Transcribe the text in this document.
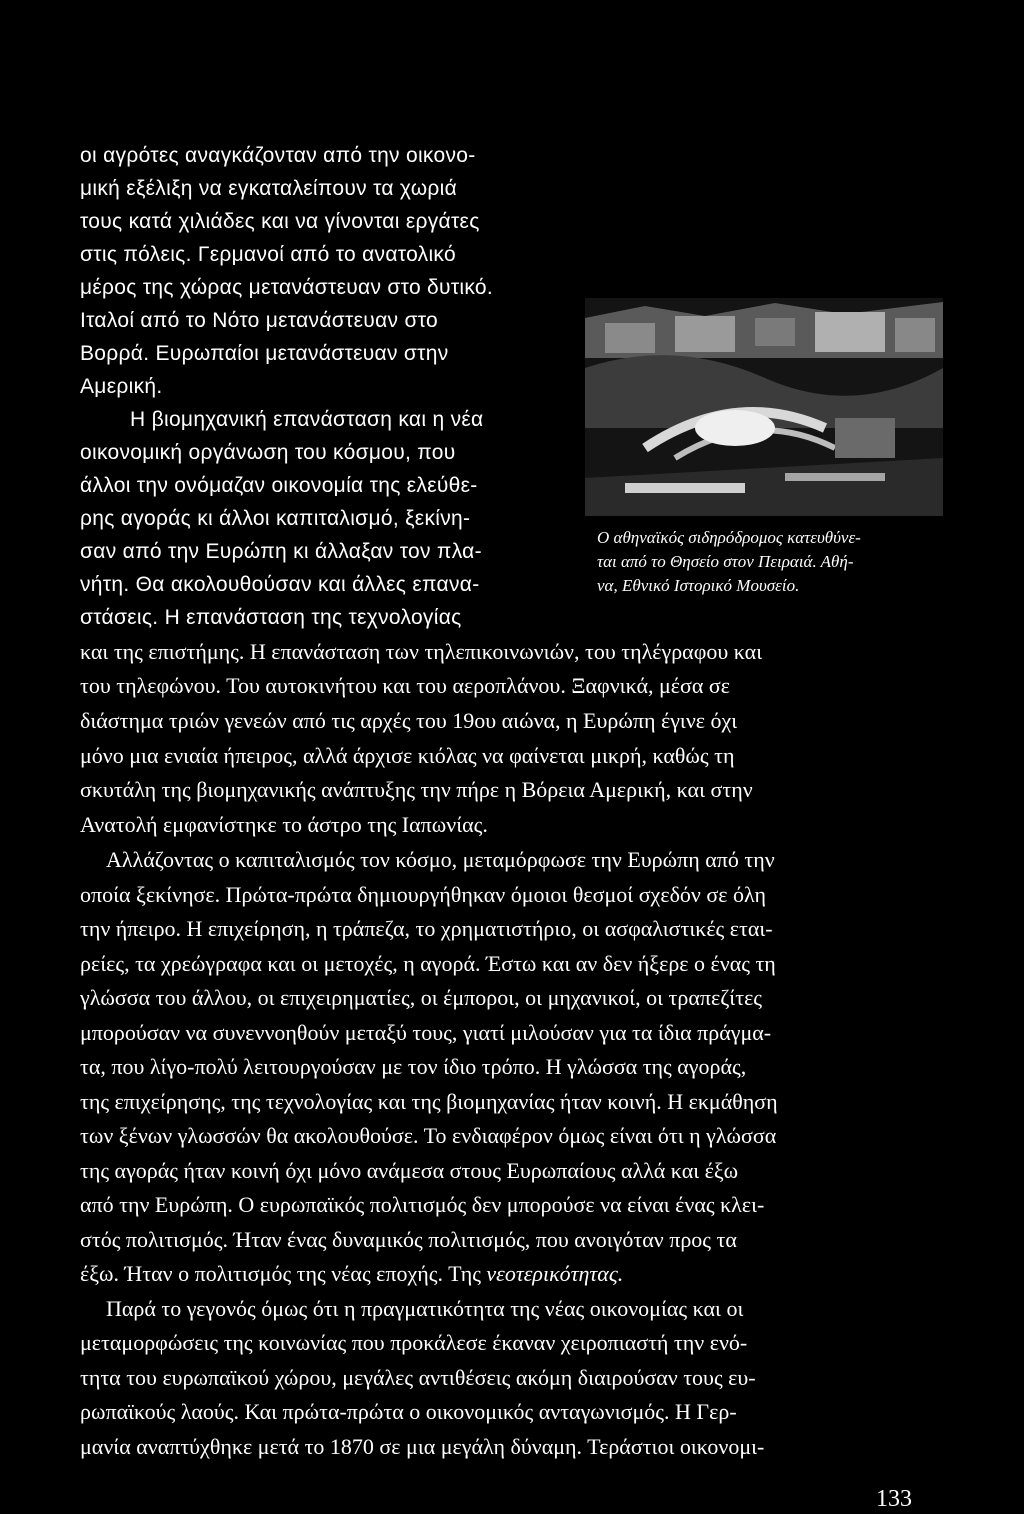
οι αγρότες αναγκάζονταν από την οικονο-
μική εξέλιξη να εγκαταλείπουν τα χωριά
τους κατά χιλιάδες και να γίνονται εργάτες
στις πόλεις. Γερμανοί από το ανατολικό
μέρος της χώρας μετανάστευαν στο δυτικό.
Ιταλοί από το Νότο μετανάστευαν στο
Βορρά. Ευρωπαίοι μετανάστευαν στην
Αμερική.
Η βιομηχανική επανάσταση και η νέα
οικονομική οργάνωση του κόσμου, που
άλλοι την ονόμαζαν οικονομία της ελεύθε-
ρης αγοράς κι άλλοι καπιταλισμό, ξεκίνη-
σαν από την Ευρώπη κι άλλαξαν τον πλα-
νήτη. Θα ακολουθούσαν και άλλες επανα-
στάσεις. Η επανάσταση της τεχνολογίας
Ο αθηναϊκός σιδηρόδρομος κατευθύνε-
ται από το Θησείο στον Πειραιά. Αθή-
να, Εθνικό Ιστορικό Μουσείο.
και της επιστήμης. Η επανάσταση των τηλεπικοινωνιών, του τηλέγραφου και
του τηλεφώνου. Του αυτοκινήτου και του αεροπλάνου. Ξαφνικά, μέσα σε
διάστημα τριών γενεών από τις αρχές του 19ου αιώνα, η Ευρώπη έγινε όχι
μόνο μια ενιαία ήπειρος, αλλά άρχισε κιόλας να φαίνεται μικρή, καθώς τη
σκυτάλη της βιομηχανικής ανάπτυξης την πήρε η Βόρεια Αμερική, και στην
Ανατολή εμφανίστηκε το άστρο της Ιαπωνίας.
Αλλάζοντας ο καπιταλισμός τον κόσμο, μεταμόρφωσε την Ευρώπη από την
οποία ξεκίνησε. Πρώτα-πρώτα δημιουργήθηκαν όμοιοι θεσμοί σχεδόν σε όλη
την ήπειρο. Η επιχείρηση, η τράπεζα, το χρηματιστήριο, οι ασφαλιστικές εται-
ρείες, τα χρεώγραφα και οι μετοχές, η αγορά. Έστω και αν δεν ήξερε ο ένας τη
γλώσσα του άλλου, οι επιχειρηματίες, οι έμποροι, οι μηχανικοί, οι τραπεζίτες
μπορούσαν να συνεννοηθούν μεταξύ τους, γιατί μιλούσαν για τα ίδια πράγμα-
τα, που λίγο-πολύ λειτουργούσαν με τον ίδιο τρόπο. Η γλώσσα της αγοράς,
της επιχείρησης, της τεχνολογίας και της βιομηχανίας ήταν κοινή. Η εκμάθηση
των ξένων γλωσσών θα ακολουθούσε. Το ενδιαφέρον όμως είναι ότι η γλώσσα
της αγοράς ήταν κοινή όχι μόνο ανάμεσα στους Ευρωπαίους αλλά και έξω
από την Ευρώπη. Ο ευρωπαϊκός πολιτισμός δεν μπορούσε να είναι ένας κλει-
στός πολιτισμός. Ήταν ένας δυναμικός πολιτισμός, που ανοιγόταν προς τα
έξω. Ήταν ο πολιτισμός της νέας εποχής. Της νεοτερικότητας.
Παρά το γεγονός όμως ότι η πραγματικότητα της νέας οικονομίας και οι
μεταμορφώσεις της κοινωνίας που προκάλεσε έκαναν χειροπιαστή την ενό-
τητα του ευρωπαϊκού χώρου, μεγάλες αντιθέσεις ακόμη διαιρούσαν τους ευ-
ρωπαϊκούς λαούς. Και πρώτα-πρώτα ο οικονομικός ανταγωνισμός. Η Γερ-
μανία αναπτύχθηκε μετά το 1870 σε μια μεγάλη δύναμη. Τεράστιοι οικονομι-
133
